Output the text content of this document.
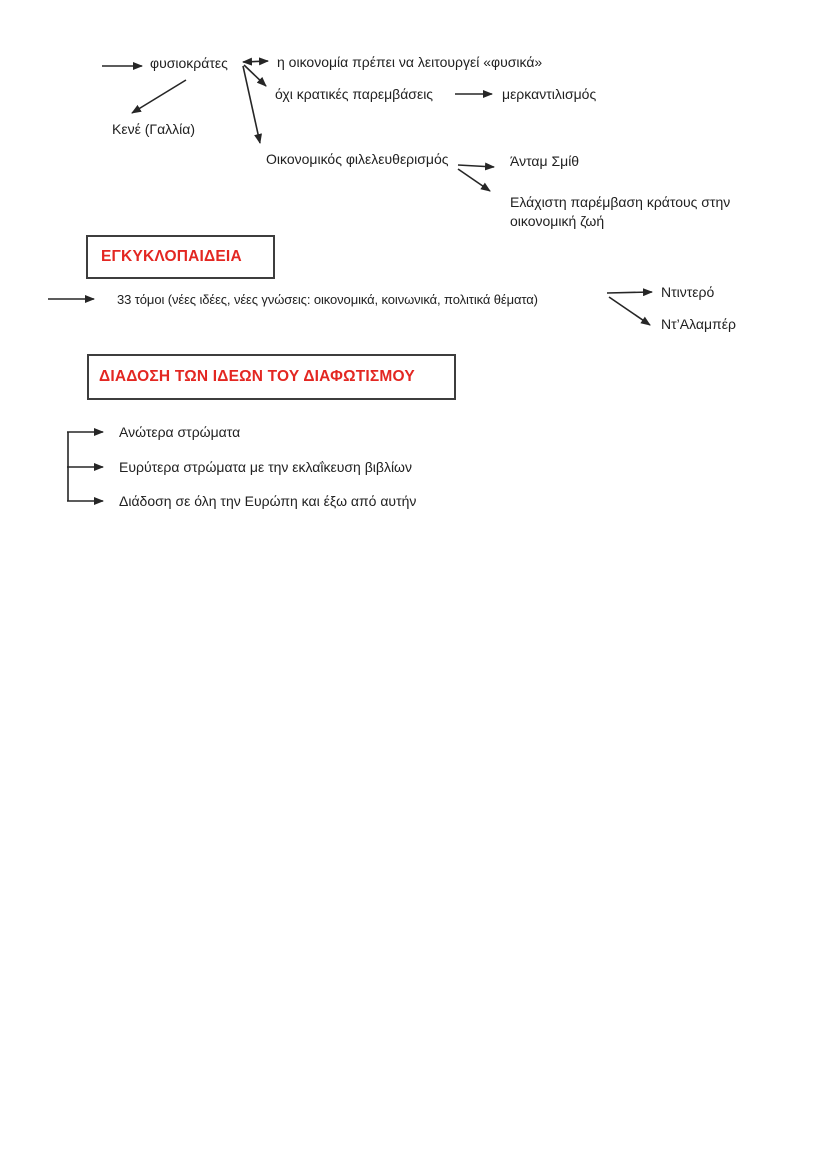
φυσιοκράτες	η οικονομία πρέπει να λειτουργεί «φυσικά»
όχι κρατικές παρεμβάσεις	μερκαντιλισμός
Κενέ (Γαλλία)
Οικονομικός φιλελευθερισμός	Άνταμ Σμίθ
Ελάχιστη παρέμβαση κράτους στην οικονομική ζωή
ΕΓΚΥΚΛΟΠΑΙΔΕΙΑ
33 τόμοι (νέες ιδέες, νέες γνώσεις: οικονομικά, κοινωνικά, πολιτικά θέματα)	Ντιντερό
Ντ’Αλαμπέρ
ΔΙΑΔΟΣΗ ΤΩΝ ΙΔΕΩΝ ΤΟΥ ΔΙΑΦΩΤΙΣΜΟΥ
Ανώτερα στρώματα
Ευρύτερα στρώματα με την εκλαΐκευση βιβλίων
Διάδοση σε όλη την Ευρώπη και έξω από αυτήν
